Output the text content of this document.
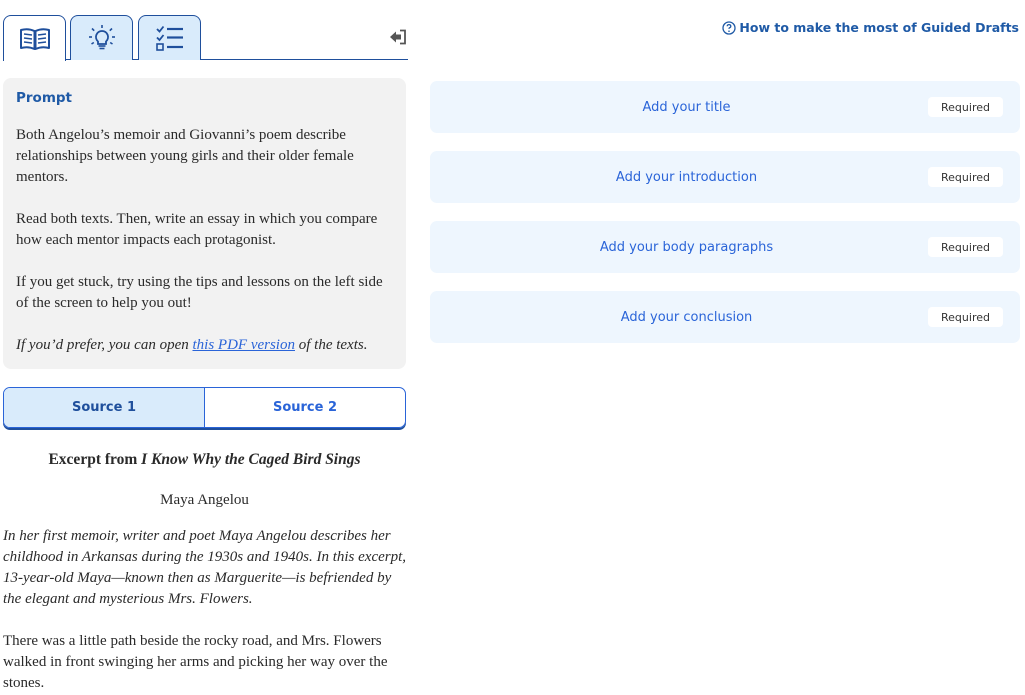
Prompt

Both Angelou’s memoir and Giovanni’s poem describe relationships between young girls and their older female mentors.

Read both texts. Then, write an essay in which you compare how each mentor impacts each protagonist.

If you get stuck, try using the tips and lessons on the left side of the screen to help you out!

If you’d prefer, you can open this PDF version of the texts.

Source 1	Source 2
Excerpt from I Know Why the Caged Bird Sings
Maya Angelou

In her first memoir, writer and poet Maya Angelou describes her childhood in Arkansas during the 1930s and 1940s. In this excerpt, 13-year-old Maya—known then as Marguerite—is befriended by the elegant and mysterious Mrs. Flowers.

There was a little path beside the rocky road, and Mrs. Flowers walked in front swinging her arms and picking her way over the stones.

How to make the most of Guided Drafts
Add your title	Required
Add your introduction	Required
Add your body paragraphs	Required
Add your conclusion	Required
